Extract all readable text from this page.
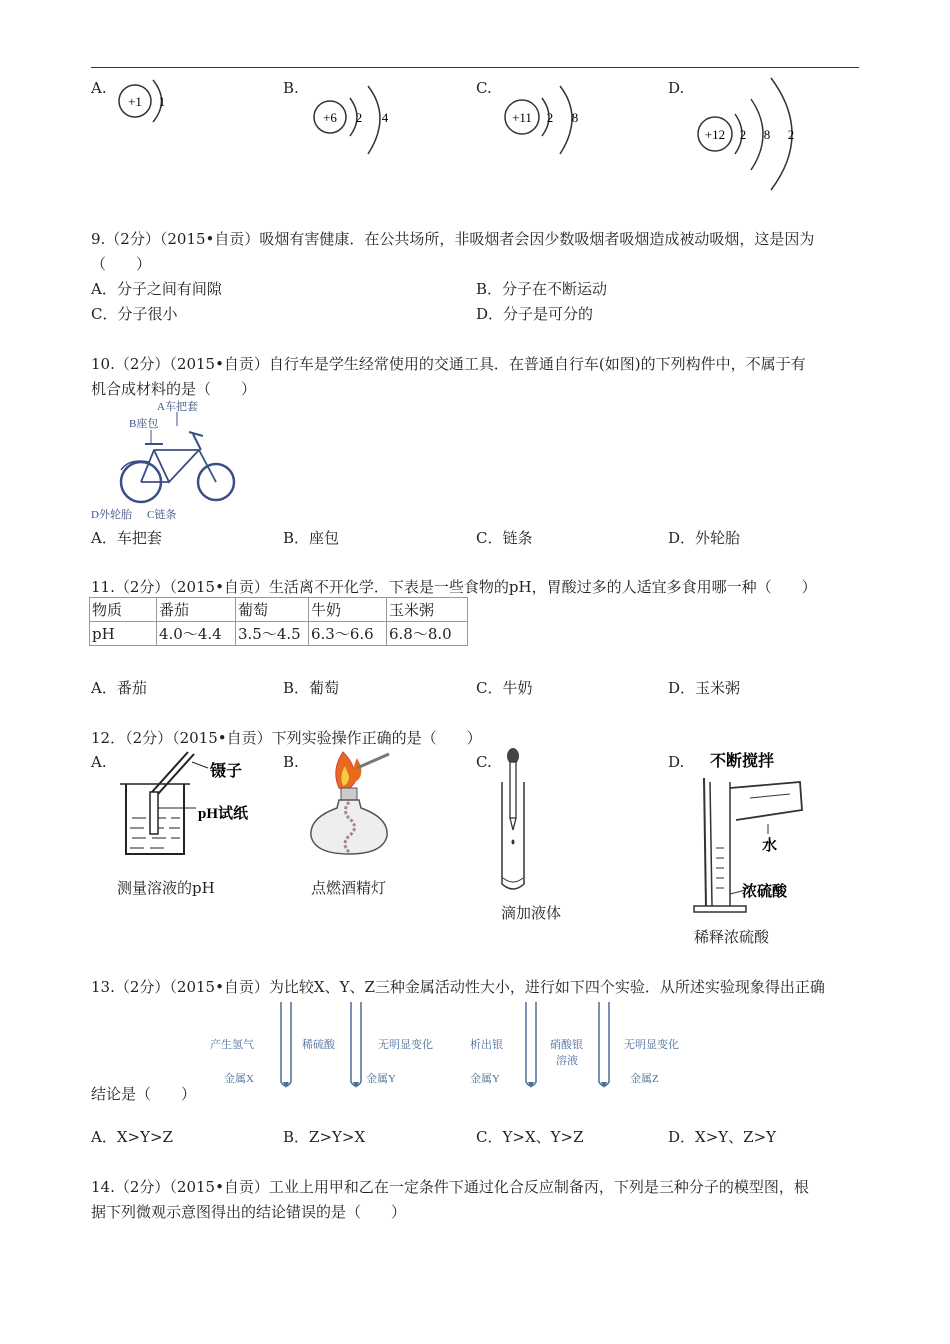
A.	B.	C.	D.
+1 1
+6 2 4	+11 2 8
+12 2 8 2
9.（2分）（2015•自贡）吸烟有害健康．在公共场所，非吸烟者会因少数吸烟者吸烟造成被动吸烟，这是因为
（　　）
A．分子之间有间隙	B．分子在不断运动
C．分子很小	D．分子是可分的
10.（2分）（2015•自贡）自行车是学生经常使用的交通工具．在普通自行车(如图)的下列构件中，不属于有
机合成材料的是（　　）
A车把套
B座包
D外轮胎 C链条
A．车把套	B．座包	C．链条	D．外轮胎
11.（2分）（2015•自贡）生活离不开化学．下表是一些食物的pH，胃酸过多的人适宜多食用哪一种（　　）
物质	番茄	葡萄	牛奶	玉米粥
pH	4.0～4.4	3.5～4.5	6.3～6.6	6.8～8.0
A．番茄	B．葡萄	C．牛奶	D．玉米粥
12．（2分）（2015•自贡）下列实验操作正确的是（　　）
A.	B.	C.	D.
镊子
pH试纸
测量溶液的pH	点燃酒精灯
滴加液体
不断搅拌
水
浓硫酸
稀释浓硫酸
13.（2分）（2015•自贡）为比较X、Y、Z三种金属活动性大小，进行如下四个实验．从所述实验现象得出正确
产生氢气	稀硫酸	无明显变化
金属X	金属Y
析出银	硝酸银
溶液
无明显变化
金属Y	金属Z
结论是（　　）
A．X>Y>Z	B．Z>Y>X	C．Y>X、Y>Z	D．X>Y、Z>Y
14.（2分）（2015•自贡）工业上用甲和乙在一定条件下通过化合反应制备丙，下列是三种分子的模型图，根
据下列微观示意图得出的结论错误的是（　　）
